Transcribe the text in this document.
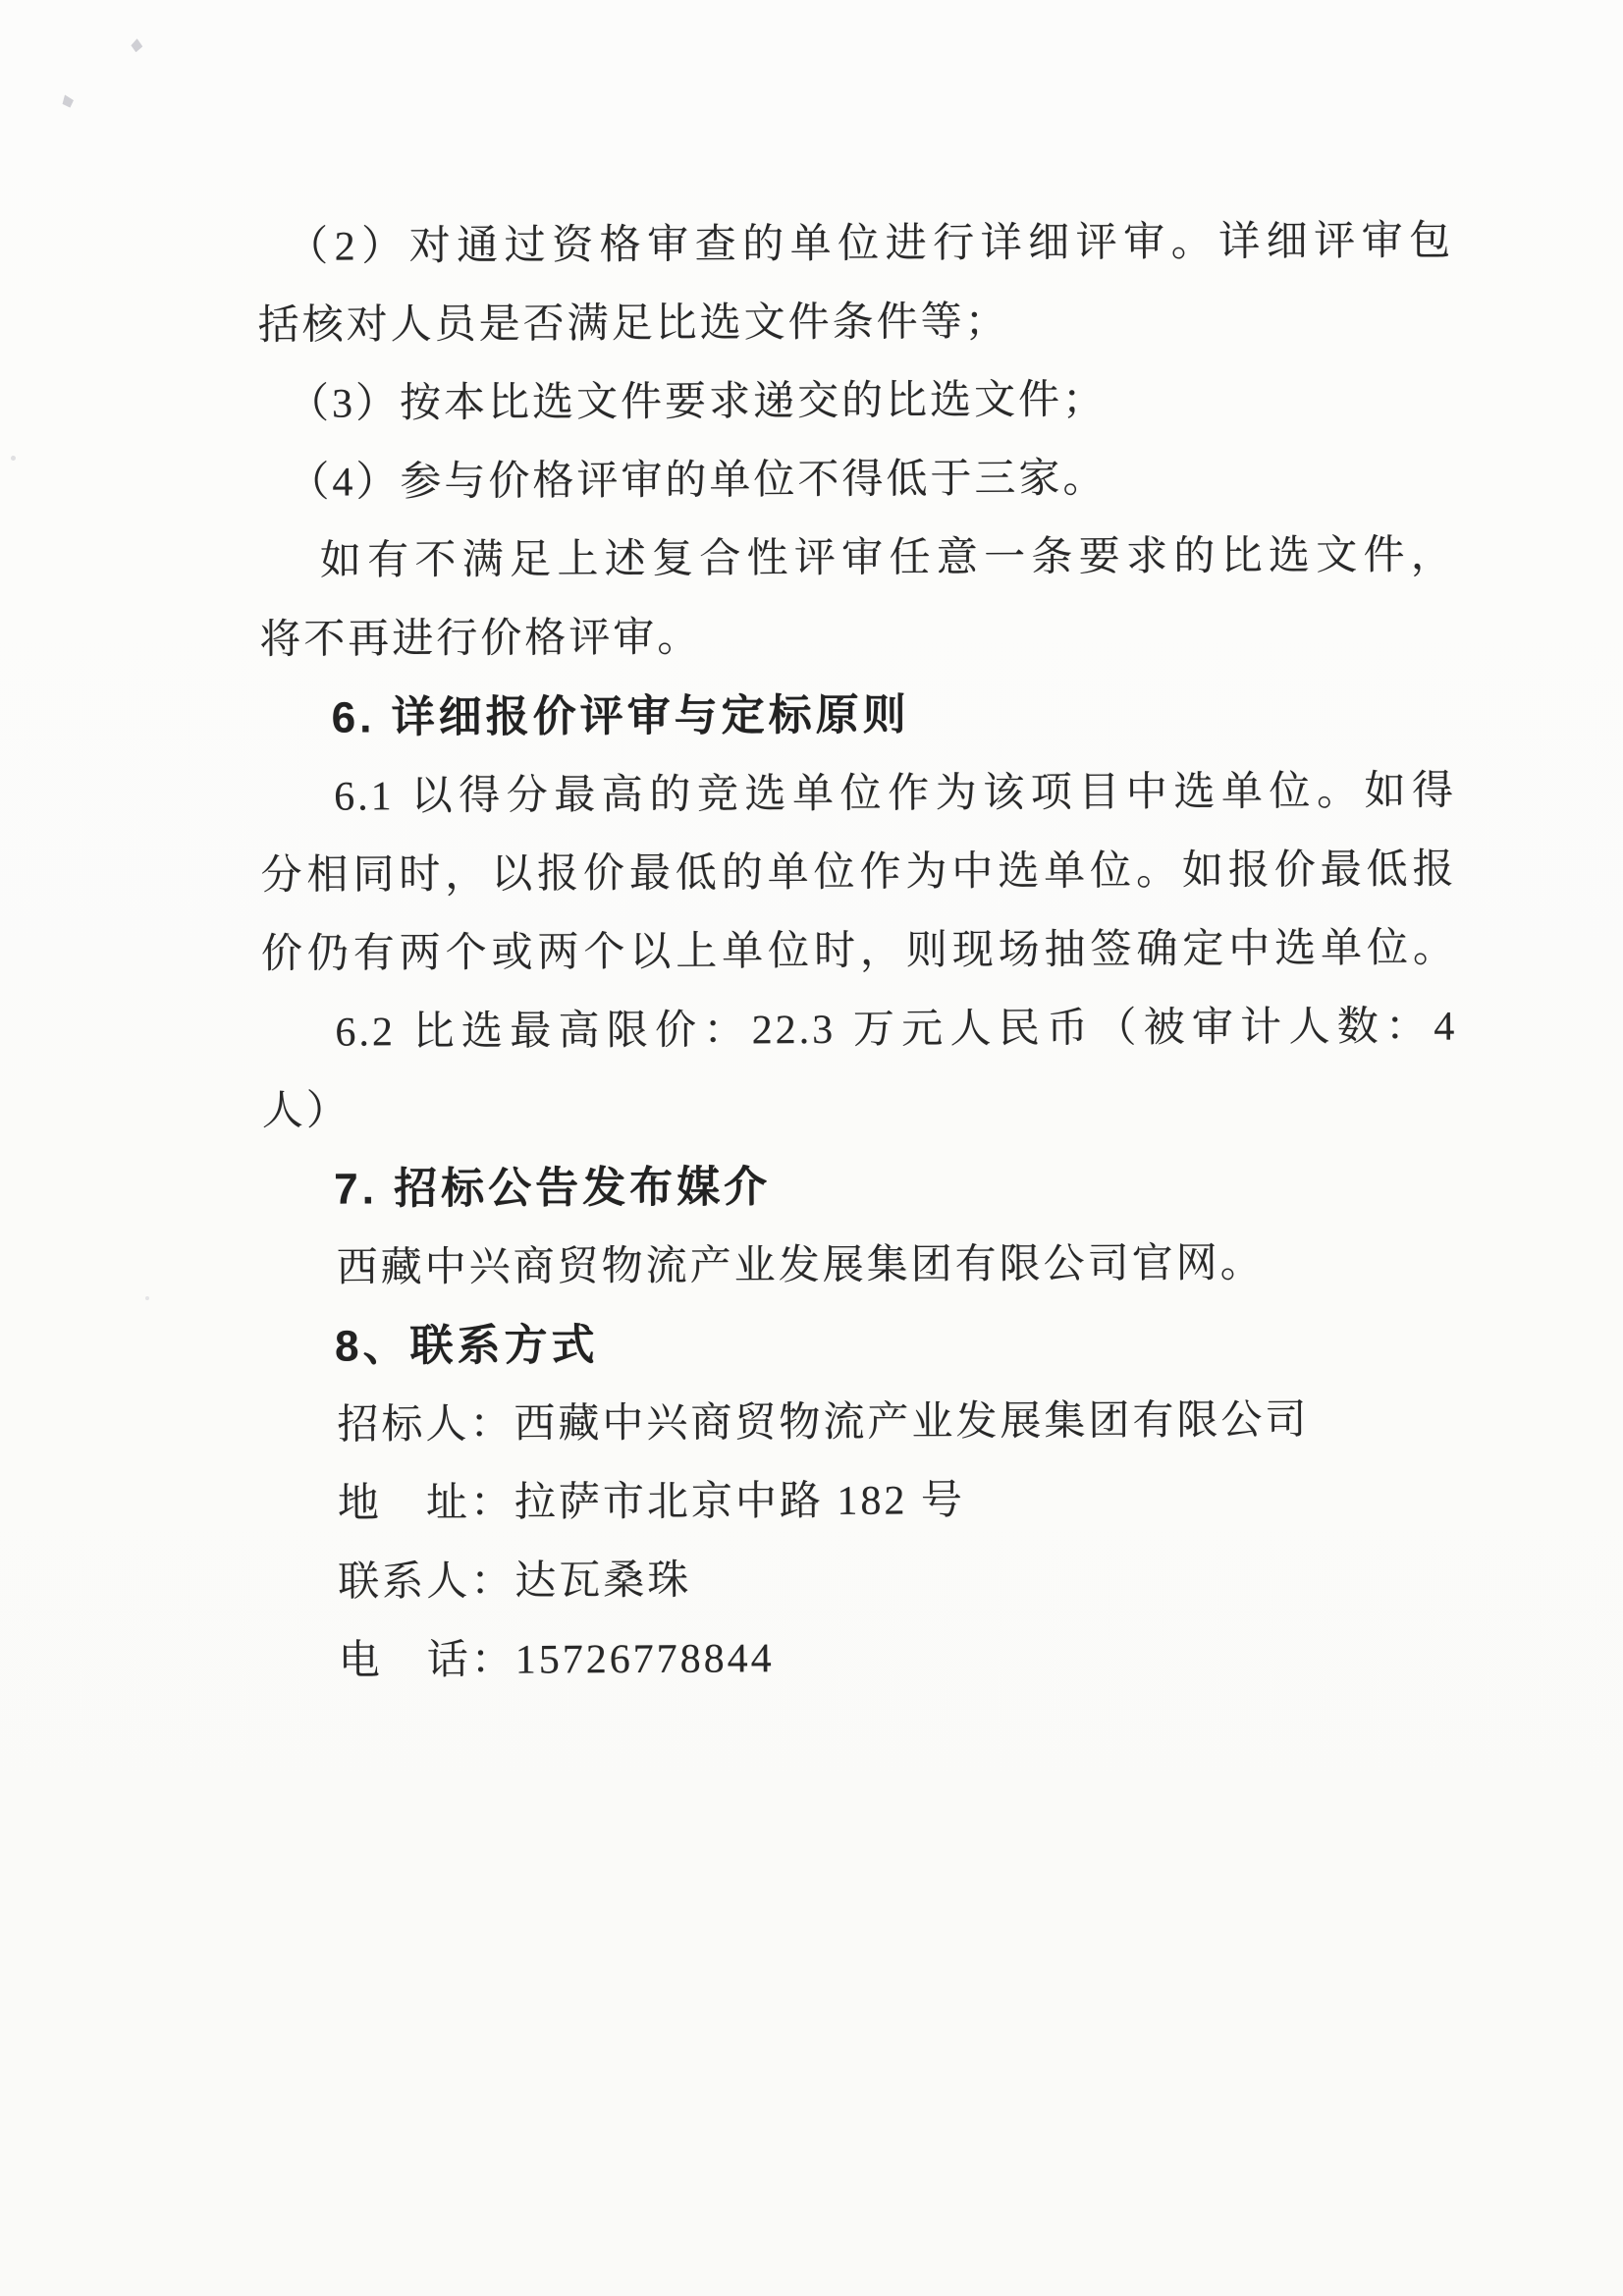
（2）对通过资格审查的单位进行详细评审。详细评审包
括核对人员是否满足比选文件条件等；
（3）按本比选文件要求递交的比选文件；
（4）参与价格评审的单位不得低于三家。
如有不满足上述复合性评审任意一条要求的比选文件，
将不再进行价格评审。
6. 详细报价评审与定标原则
6.1 以得分最高的竞选单位作为该项目中选单位。如得
分相同时，以报价最低的单位作为中选单位。如报价最低报
价仍有两个或两个以上单位时，则现场抽签确定中选单位。
6.2 比选最高限价：22.3 万元人民币（被审计人数：4
人）
7. 招标公告发布媒介
西藏中兴商贸物流产业发展集团有限公司官网。
8、联系方式
招标人：西藏中兴商贸物流产业发展集团有限公司
地　址：拉萨市北京中路 182 号
联系人：达瓦桑珠
电　话：15726778844
